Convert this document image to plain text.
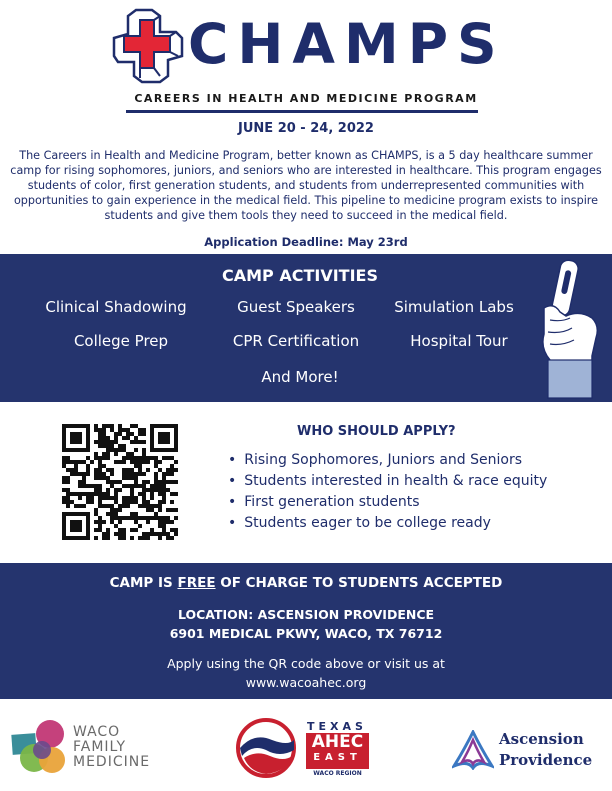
CHAMPS
CAREERS IN HEALTH AND MEDICINE PROGRAM
JUNE 20 - 24, 2022
The Careers in Health and Medicine Program, better known as CHAMPS, is a 5 day healthcare summer camp for rising sophomores, juniors, and seniors who are interested in healthcare. This program engages students of color, first generation students, and students from underrepresented communities with opportunities to gain experience in the medical field. This pipeline to medicine program exists to inspire students and give them tools they need to succeed in the medical field.
Application Deadline: May 23rd
CAMP ACTIVITIES
Clinical Shadowing	Guest Speakers	Simulation Labs
College Prep	CPR Certification	Hospital Tour
And More!
WHO SHOULD APPLY?
• Rising Sophomores, Juniors and Seniors
• Students interested in health & race equity
• First generation students
• Students eager to be college ready
CAMP IS FREE OF CHARGE TO STUDENTS ACCEPTED
LOCATION: ASCENSION PROVIDENCE
6901 MEDICAL PKWY, WACO, TX 76712
Apply using the QR code above or visit us at
www.wacoahec.org
WACO
FAMILY
MEDICINE
TEXAS
AHEC
EAST
WACO REGION
Ascension
Providence
